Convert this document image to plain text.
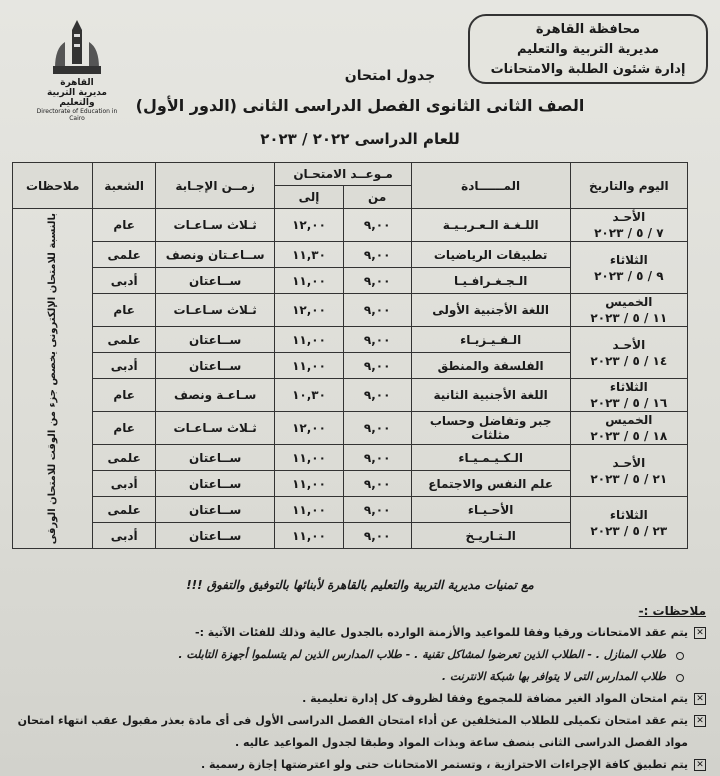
محافظة القاهرة
مديرية التربية والتعليم
إدارة شئون الطلبة والامتحانات
القاهرة
مديرية التربية والتعليم
Directorate of Education in Cairo
جدول امتحان
الصف الثانى الثانوى الفصل الدراسى الثانى (الدور الأول)
للعام الدراسى ٢٠٢٢ / ٢٠٢٣
اليوم والتاريخ	المــــــادة	مـوعــد الامتحـان		زمــن الإجـابة	الشعبة	ملاحظات
		من	إلى			

الأحـد
٧ / ٥ / ٢٠٢٣	اللـغـة الـعـربـيـة	٩,٠٠	١٢,٠٠	ثـلاث سـاعـات	عام	بالنسبة للامتحان الإلكترونى يخصص جزء من الوقت للامتحان الورقى

الثلاثاء
٩ / ٥ / ٢٠٢٣	تطبيقات الرياضيات	٩,٠٠	١١,٣٠	ســاعـتان ونصف	علمى	
	الـجـغـرافـيـا	٩,٠٠	١١,٠٠	ســاعتان	أدبى	

الخميس
١١ / ٥ / ٢٠٢٣	اللغة الأجنبية الأولى	٩,٠٠	١٢,٠٠	ثـلاث سـاعـات	عام	

الأحـد
١٤ / ٥ / ٢٠٢٣	الـفـيـزيـاء	٩,٠٠	١١,٠٠	ســاعتان	علمى	
	الفلسفة والمنطق	٩,٠٠	١١,٠٠	ســاعتان	أدبى	

الثلاثاء
١٦ / ٥ / ٢٠٢٣	اللغة الأجنبية الثانية	٩,٠٠	١٠,٣٠	سـاعـة ونصف	عام	

الخميس
١٨ / ٥ / ٢٠٢٣	جبر وتفاضل وحساب مثلثات	٩,٠٠	١٢,٠٠	ثـلاث سـاعـات	عام	

الأحـد
٢١ / ٥ / ٢٠٢٣	الـكـيـمـيـاء	٩,٠٠	١١,٠٠	ســاعتان	علمى	
	علم النفس والاجتماع	٩,٠٠	١١,٠٠	ســاعتان	أدبى	

الثلاثاء
٢٣ / ٥ / ٢٠٢٣	الأحـيـاء	٩,٠٠	١١,٠٠	ســاعتان	علمى	
	الـتـاريـخ	٩,٠٠	١١,٠٠	ســاعتان	أدبى	
مع تمنيات مديرية التربية والتعليم بالقاهرة لأبنائها بالتوفيق والتفوق !!!
ملاحظات :-
✕
يتم عقد الامتحانات ورقيا وفقا للمواعيد والأزمنة الوارده بالجدول عالية وذلك للفئات الآتية :-
طلاب المنازل . - الطلاب الذين تعرضوا لمشاكل تقنية . - طلاب المدارس الذين لم يتسلموا أجهزة التابلت .
طلاب المدارس التى لا يتوافر بها شبكة الانترنت .
✕
يتم امتحان المواد الغير مضافة للمجموع وفقا لظروف كل إدارة تعليمية .
✕
يتم عقد امتحان تكميلى للطلاب المتخلفين عن أداء امتحان الفصل الدراسى الأول فى أى مادة بعذر مقبول عقب انتهاء امتحان مواد الفصل الدراسى الثانى بنصف ساعة وبذات المواد وطبقا لجدول المواعيد عاليه .
✕
يتم تطبيق كافة الإجراءات الاحترازية ، وتستمر الامتحانات حتى ولو اعترضتها إجازة رسمية .
